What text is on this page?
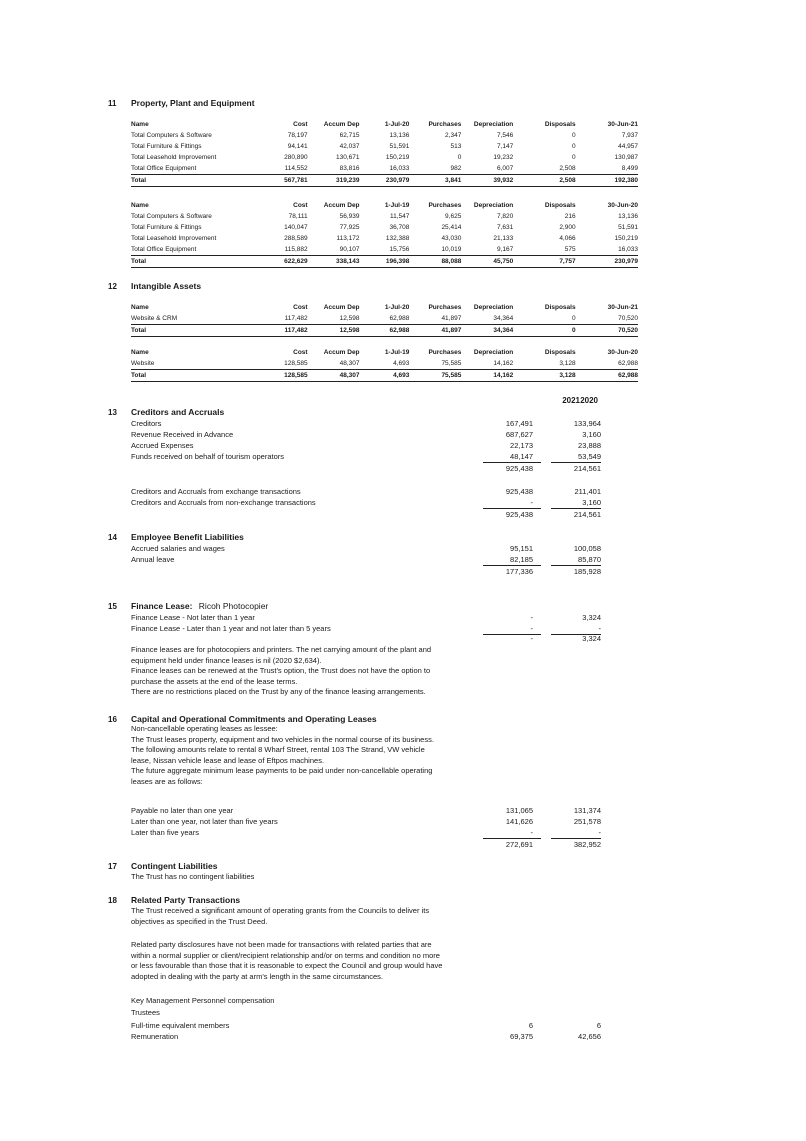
11 Property, Plant and Equipment
Name	Cost	Accum Dep	1-Jul-20	Purchases	Depreciation	Disposals	30-Jun-21
Total Computers & Software	78,197	62,715	13,136	2,347	7,546	0	7,937
Total Furniture & Fittings	94,141	42,037	51,591	513	7,147	0	44,957
Total Leasehold Improvement	280,890	130,671	150,219	0	19,232	0	130,987
Total Office Equipment	114,552	83,816	16,033	982	6,007	2,508	8,499
Total	567,781	319,239	230,979	3,841	39,932	2,508	192,380
Name	Cost	Accum Dep	1-Jul-19	Purchases	Depreciation	Disposals	30-Jun-20
Total Computers & Software	78,111	56,939	11,547	9,625	7,820	216	13,136
Total Furniture & Fittings	140,047	77,925	36,708	25,414	7,631	2,900	51,591
Total Leasehold Improvement	288,589	113,172	132,388	43,030	21,133	4,066	150,219
Total Office Equipment	115,882	90,107	15,756	10,019	9,167	575	16,033
Total	622,629	338,143	196,398	88,088	45,750	7,757	230,979
12 Intangible Assets
Name	Cost	Accum Dep	1-Jul-20	Purchases	Depreciation	Disposals	30-Jun-21
Website & CRM	117,482	12,598	62,988	41,897	34,364	0	70,520
Total	117,482	12,598	62,988	41,897	34,364	0	70,520
Name	Cost	Accum Dep	1-Jul-19	Purchases	Depreciation	Disposals	30-Jun-20
Website	128,585	48,307	4,693	75,585	14,162	3,128	62,988
Total	128,585	48,307	4,693	75,585	14,162	3,128	62,988
2021 2020
13 Creditors and Accruals
Creditors	167,491	133,964
Revenue Received in Advance	687,627	3,160
Accrued Expenses	22,173	23,888
Funds received on behalf of tourism operators	48,147	53,549
925,438	214,561
Creditors and Accruals from exchange transactions	925,438	211,401
Creditors and Accruals from non-exchange transactions	-	3,160
925,438	214,561
14 Employee Benefit Liabilities
Accrued salaries and wages	95,151	100,058
Annual leave	82,185	85,870
177,336	185,928
15 Finance Lease: Ricoh Photocopier
Finance Lease - Not later than 1 year	-	3,324
Finance Lease - Later than 1 year and not later than 5 years	-	-
-	3,324
Finance leases are for photocopiers and printers. The net carrying amount of the plant and
equipment held under finance leases is nil (2020 $2,634).
Finance leases can be renewed at the Trust's option, the Trust does not have the option to
purchase the assets at the end of the lease terms.
There are no restrictions placed on the Trust by any of the finance leasing arrangements.
16 Capital and Operational Commitments and Operating Leases
Non-cancellable operating leases as lessee:
The Trust leases property, equipment and two vehicles in the normal course of its business.
The following amounts relate to rental 8 Wharf Street, rental 103 The Strand, VW vehicle
lease, Nissan vehicle lease and lease of Eftpos machines.
The future aggregate minimum lease payments to be paid under non-cancellable operating
leases are as follows:
Payable no later than one year	131,065	131,374
Later than one year, not later than five years	141,626	251,578
Later than five years	-	-
272,691	382,952
17 Contingent Liabilities
The Trust has no contingent liabilities
18 Related Party Transactions
The Trust received a significant amount of operating grants from the Councils to deliver its
objectives as specified in the Trust Deed.
Related party disclosures have not been made for transactions with related parties that are
within a normal supplier or client/recipient relationship and/or on terms and condition no more
or less favourable than those that it is reasonable to expect the Council and group would have
adopted in dealing with the party at arm's length in the same circumstances.
Key Management Personnel compensation
Trustees
Full-time equivalent members	6	6
Remuneration	69,375	42,656
